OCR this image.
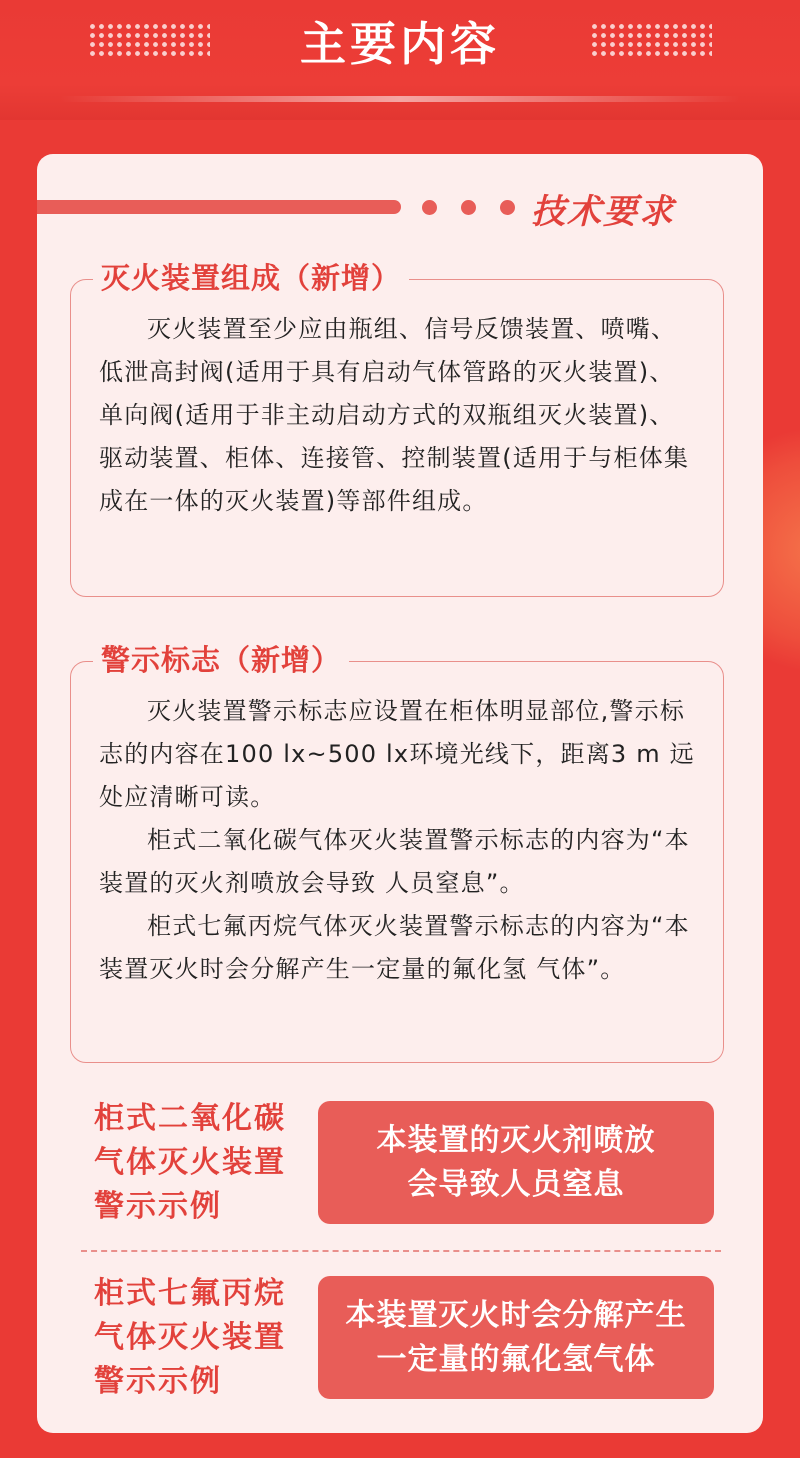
主要内容
技术要求
灭火装置组成（新增）

灭火装置至少应由瓶组、信号反馈装置、喷嘴、低泄高封阀(适用于具有启动气体管路的灭火装置)、单向阀(适用于非主动启动方式的双瓶组灭火装置)、驱动装置、柜体、连接管、控制装置(适用于与柜体集成在一体的灭火装置)等部件组成。

警示标志（新增）

灭火装置警示标志应设置在柜体明显部位,警示标志的内容在100 lx~500 lx环境光线下，距离3 m 远处应清晰可读。

柜式二氧化碳气体灭火装置警示标志的内容为“本装置的灭火剂喷放会导致 人员窒息”。

柜式七氟丙烷气体灭火装置警示标志的内容为“本装置灭火时会分解产生一定量的氟化氢 气体”。

柜式二氧化碳气体灭火装置警示示例
本装置的灭火剂喷放会导致人员窒息
柜式七氟丙烷气体灭火装置警示示例
本装置灭火时会分解产生一定量的氟化氢气体
